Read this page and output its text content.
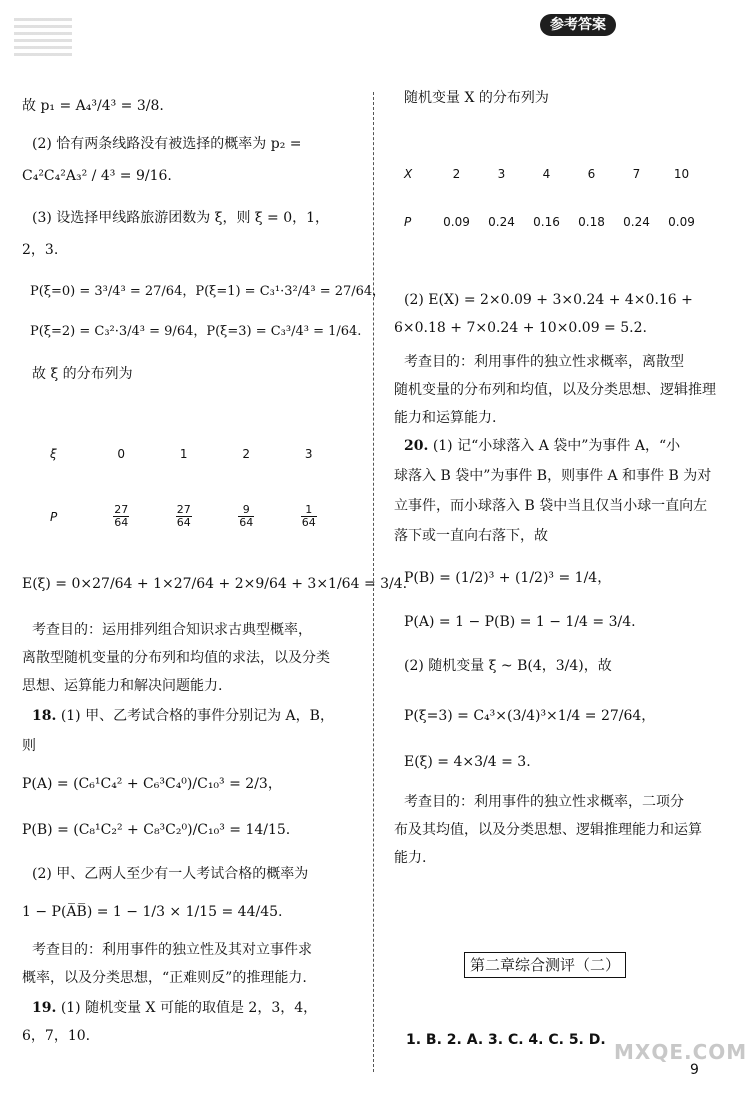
参考答案
故 p₁ = A₄³/4³ = 3/8.
(2) 恰有两条线路没有被选择的概率为 p₂ =
C₄²C₄²A₃² / 4³ = 9/16.
(3) 设选择甲线路旅游团数为 ξ，则 ξ = 0，1，
2，3.
P(ξ=0) = 3³/4³ = 27/64，P(ξ=1) = C₃¹·3²/4³ = 27/64，
P(ξ=2) = C₃²·3/4³ = 9/64，P(ξ=3) = C₃³/4³ = 1/64.
故 ξ 的分布列为
ξ	0	1	2	3

P	$\frac{27}{64}$	$\frac{27}{64}$	$\frac{9}{64}$	$\frac{1}{64}$
E(ξ) = 0×27/64 + 1×27/64 + 2×9/64 + 3×1/64 = 3/4.
考查目的：运用排列组合知识求古典型概率，
离散型随机变量的分布列和均值的求法，以及分类
思想、运算能力和解决问题能力.
18. (1) 甲、乙考试合格的事件分别记为 A，B，
则
P(A) = (C₆¹C₄² + C₆³C₄⁰)/C₁₀³ = 2/3，
P(B) = (C₈¹C₂² + C₈³C₂⁰)/C₁₀³ = 14/15.
(2) 甲、乙两人至少有一人考试合格的概率为
1 − P(A̅B̅) = 1 − 1/3 × 1/15 = 44/45.
考查目的：利用事件的独立性及其对立事件求
概率，以及分类思想，“正难则反”的推理能力.
19. (1) 随机变量 X 可能的取值是 2，3，4，
6，7，10.
随机变量 X 的分布列为
X	2	3	4	6	7	10

P	0.09	0.24	0.16	0.18	0.24	0.09
(2) E(X) = 2×0.09 + 3×0.24 + 4×0.16 +
6×0.18 + 7×0.24 + 10×0.09 = 5.2.
考查目的：利用事件的独立性求概率，离散型
随机变量的分布列和均值，以及分类思想、逻辑推理
能力和运算能力.
20. (1) 记“小球落入 A 袋中”为事件 A，“小
球落入 B 袋中”为事件 B，则事件 A 和事件 B 为对
立事件，而小球落入 B 袋中当且仅当小球一直向左
落下或一直向右落下，故
P(B) = (1/2)³ + (1/2)³ = 1/4，
P(A) = 1 − P(B) = 1 − 1/4 = 3/4.
(2) 随机变量 ξ ~ B(4，3/4)，故
P(ξ=3) = C₄³×(3/4)³×1/4 = 27/64，
E(ξ) = 4×3/4 = 3.
考查目的：利用事件的独立性求概率，二项分
布及其均值，以及分类思想、逻辑推理能力和运算
能力.
1. B. 2. A. 3. C. 4. C. 5. D.
第二章综合测评（二）
MXQE.COM
9
